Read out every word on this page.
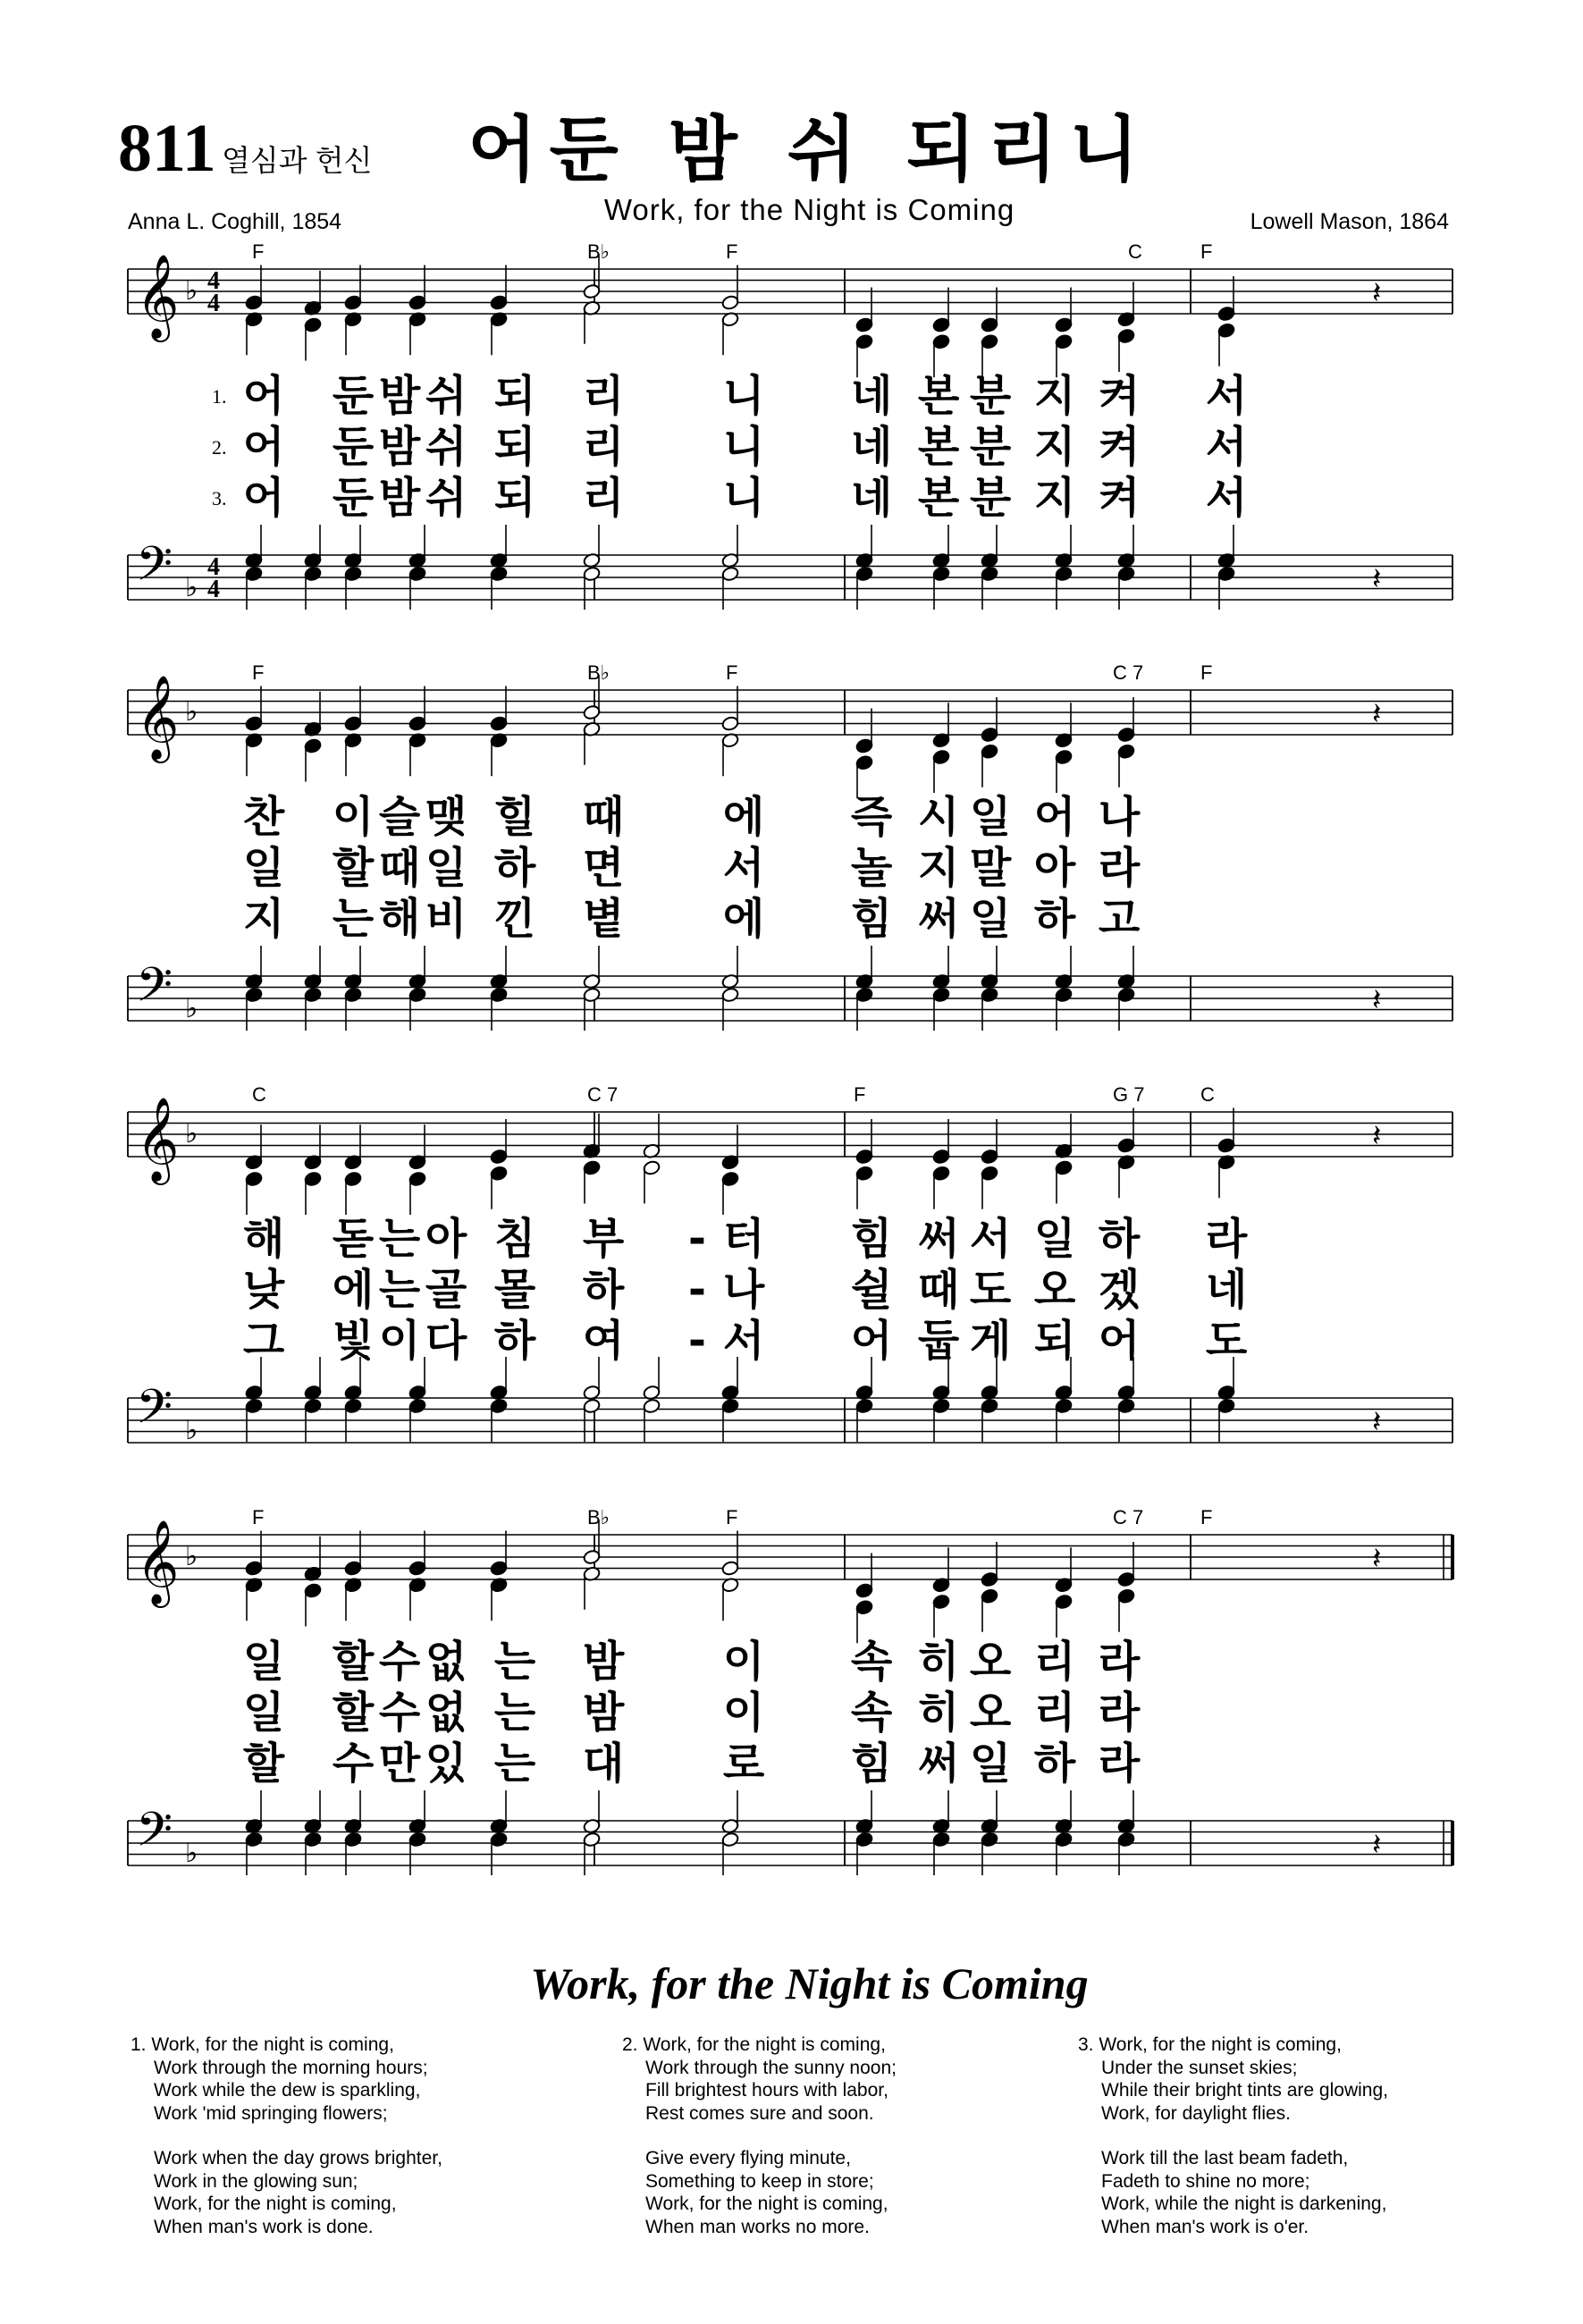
811 열심과 헌신	어둔 밤 쉬 되리니
Work, for the Night is Coming
Anna L. Coghill, 1854	Lowell Mason, 1864
𝄞
𝄢
♭
♭
4
4
4
4
F	B♭	F	C	F
𝄽
𝄽
어 둔 밤 쉬 되 리 니 네 본 분 지 켜 서
1.
어 둔 밤 쉬 되 리 니 네 본 분 지 켜 서
2.
어 둔 밤 쉬 되 리 니 네 본 분 지 켜 서
3.
𝄞
𝄢
♭
♭
F	B♭	F	C 7	F
𝄽
𝄽
찬 이 슬 맺 힐 때 에 즉 시 일 어 나
일 할 때 일 하 면 서 놀 지 말 아 라
지 는 해 비 낀 볕 에 힘 써 일 하 고
𝄞
𝄢
♭
♭
C	C 7	F	G 7	C
𝄽
𝄽
해 돋 는 아 침 부 - 터 힘 써 서 일 하 라
낮 에 는 골 몰 하 - 나 쉴 때 도 오 겠 네
그 빛 이 다 하 여 - 서 어 둡 게 되 어 도
𝄞
𝄢
♭
♭
F	B♭	F	C 7	F
𝄽
𝄽
일 할 수 없 는 밤 이 속 히 오 리 라
일 할 수 없 는 밤 이 속 히 오 리 라
할 수 만 있 는 대 로 힘 써 일 하 라
Work, for the Night is Coming
1. Work, for the night is coming,
Work through the morning hours;
Work while the dew is sparkling,
Work 'mid springing flowers;
Work when the day grows brighter,
Work in the glowing sun;
Work, for the night is coming,
When man's work is done.
2. Work, for the night is coming,
Work through the sunny noon;
Fill brightest hours with labor,
Rest comes sure and soon.
Give every flying minute,
Something to keep in store;
Work, for the night is coming,
When man works no more.
3. Work, for the night is coming,
Under the sunset skies;
While their bright tints are glowing,
Work, for daylight flies.
Work till the last beam fadeth,
Fadeth to shine no more;
Work, while the night is darkening,
When man's work is o'er.
